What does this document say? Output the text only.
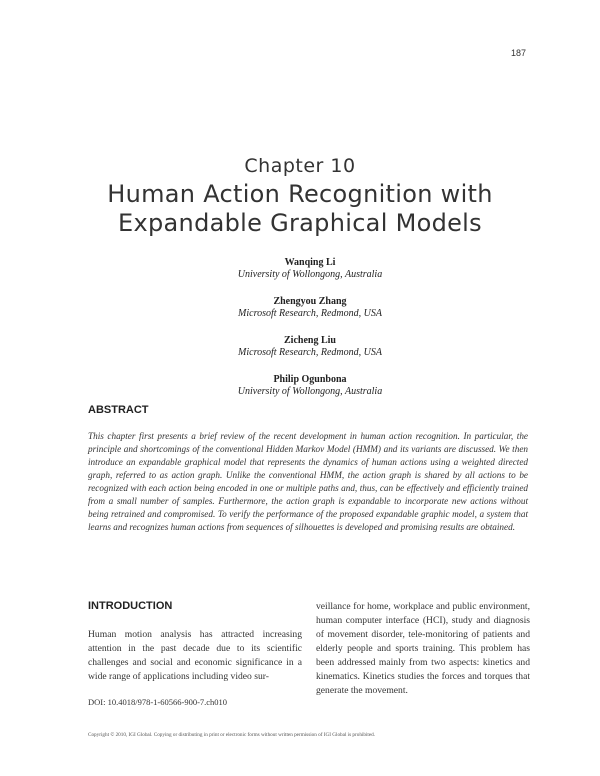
187
Chapter 10
Human Action Recognition with
Expandable Graphical Models
Wanqing Li
University of Wollongong, Australia
Zhengyou Zhang
Microsoft Research, Redmond, USA
Zicheng Liu
Microsoft Research, Redmond, USA
Philip Ogunbona
University of Wollongong, Australia
ABSTRACT
This chapter first presents a brief review of the recent development in human action recognition. In particular, the principle and shortcomings of the conventional Hidden Markov Model (HMM) and its variants are discussed. We then introduce an expandable graphical model that represents the dynamics of human actions using a weighted directed graph, referred to as action graph. Unlike the conventional HMM, the action graph is shared by all actions to be recognized with each action being encoded in one or multiple paths and, thus, can be effectively and efficiently trained from a small number of samples. Furthermore, the action graph is expandable to incorporate new actions without being retrained and compromised. To verify the performance of the proposed expandable graphic model, a system that learns and recognizes human actions from sequences of silhouettes is developed and promising results are obtained.
INTRODUCTION
Human motion analysis has attracted increasing attention in the past decade due to its scientific challenges and social and economic significance in a wide range of applications including video sur-
veillance for home, workplace and public environment, human computer interface (HCI), study and diagnosis of movement disorder, tele-monitoring of patients and elderly people and sports training. This problem has been addressed mainly from two aspects: kinetics and kinematics. Kinetics studies the forces and torques that generate the movement.
DOI: 10.4018/978-1-60566-900-7.ch010
Copyright © 2010, IGI Global. Copying or distributing in print or electronic forms without written permission of IGI Global is prohibited.
